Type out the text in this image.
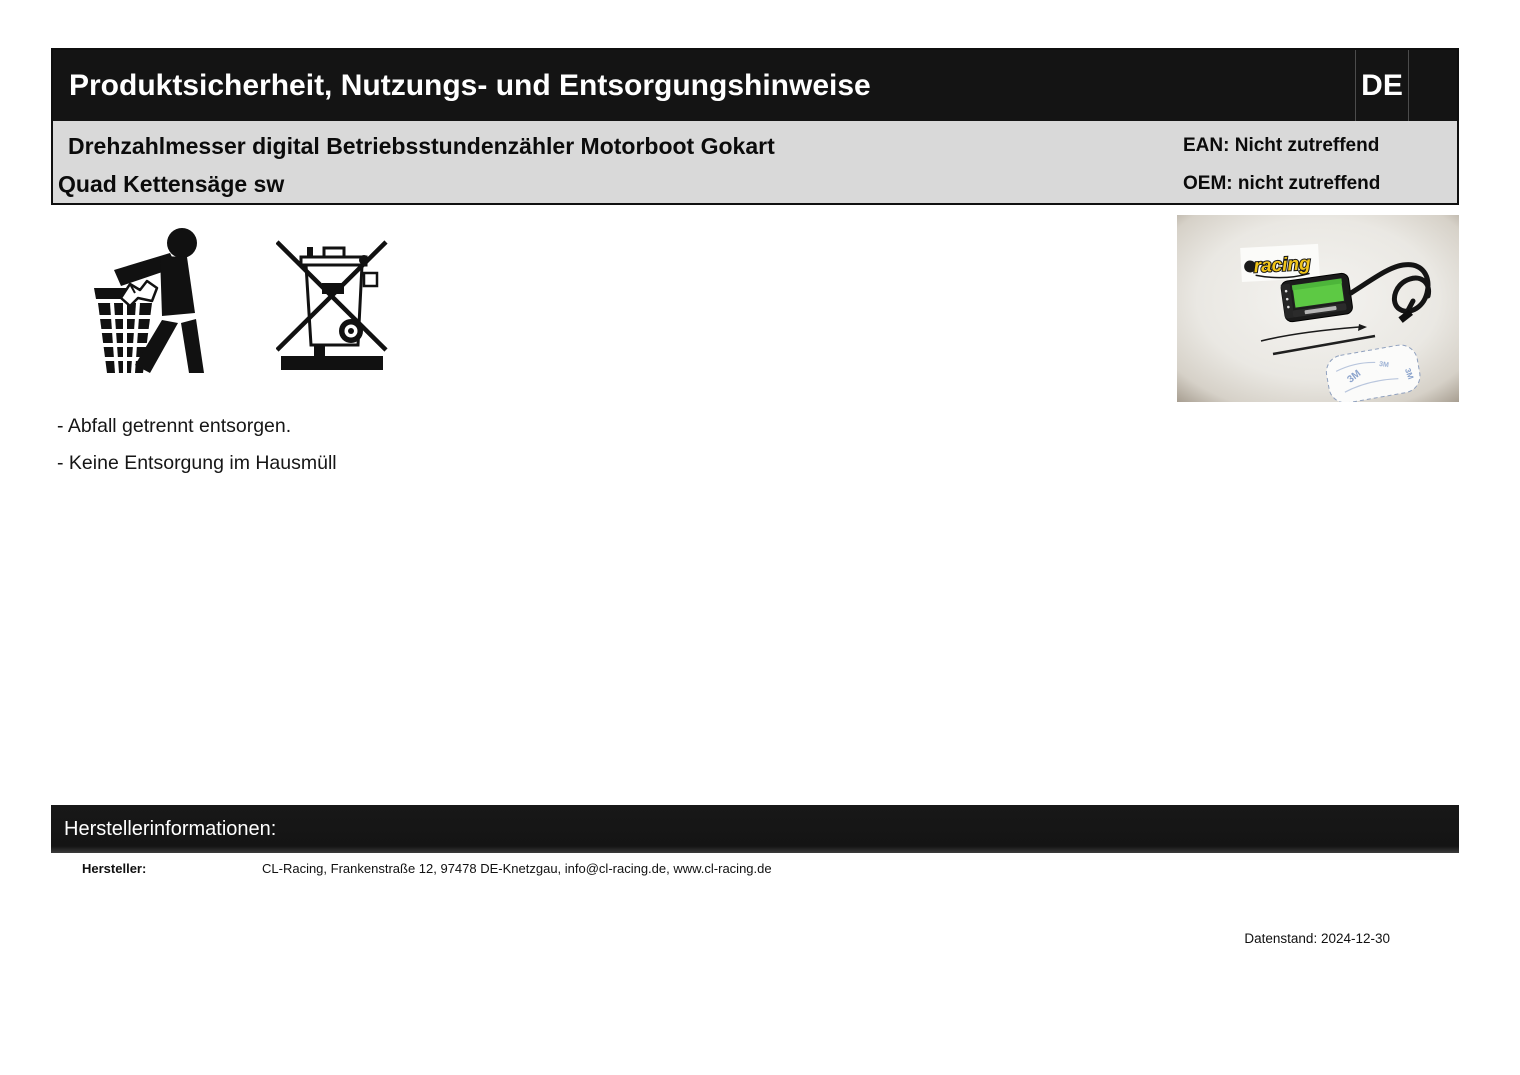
Produktsicherheit, Nutzungs- und Entsorgungshinweise	DE
Drehzahlmesser digital Betriebsstundenzähler Motorboot Gokart
Quad Kettensäge sw
EAN: Nicht zutreffend
OEM: nicht zutreffend
- Abfall getrennt entsorgen.
- Keine Entsorgung im Hausmüll
racing
3M
3M
3M
Herstellerinformationen:
Hersteller:	CL-Racing, Frankenstraße 12, 97478 DE-Knetzgau, info@cl-racing.de, www.cl-racing.de
Datenstand: 2024-12-30
